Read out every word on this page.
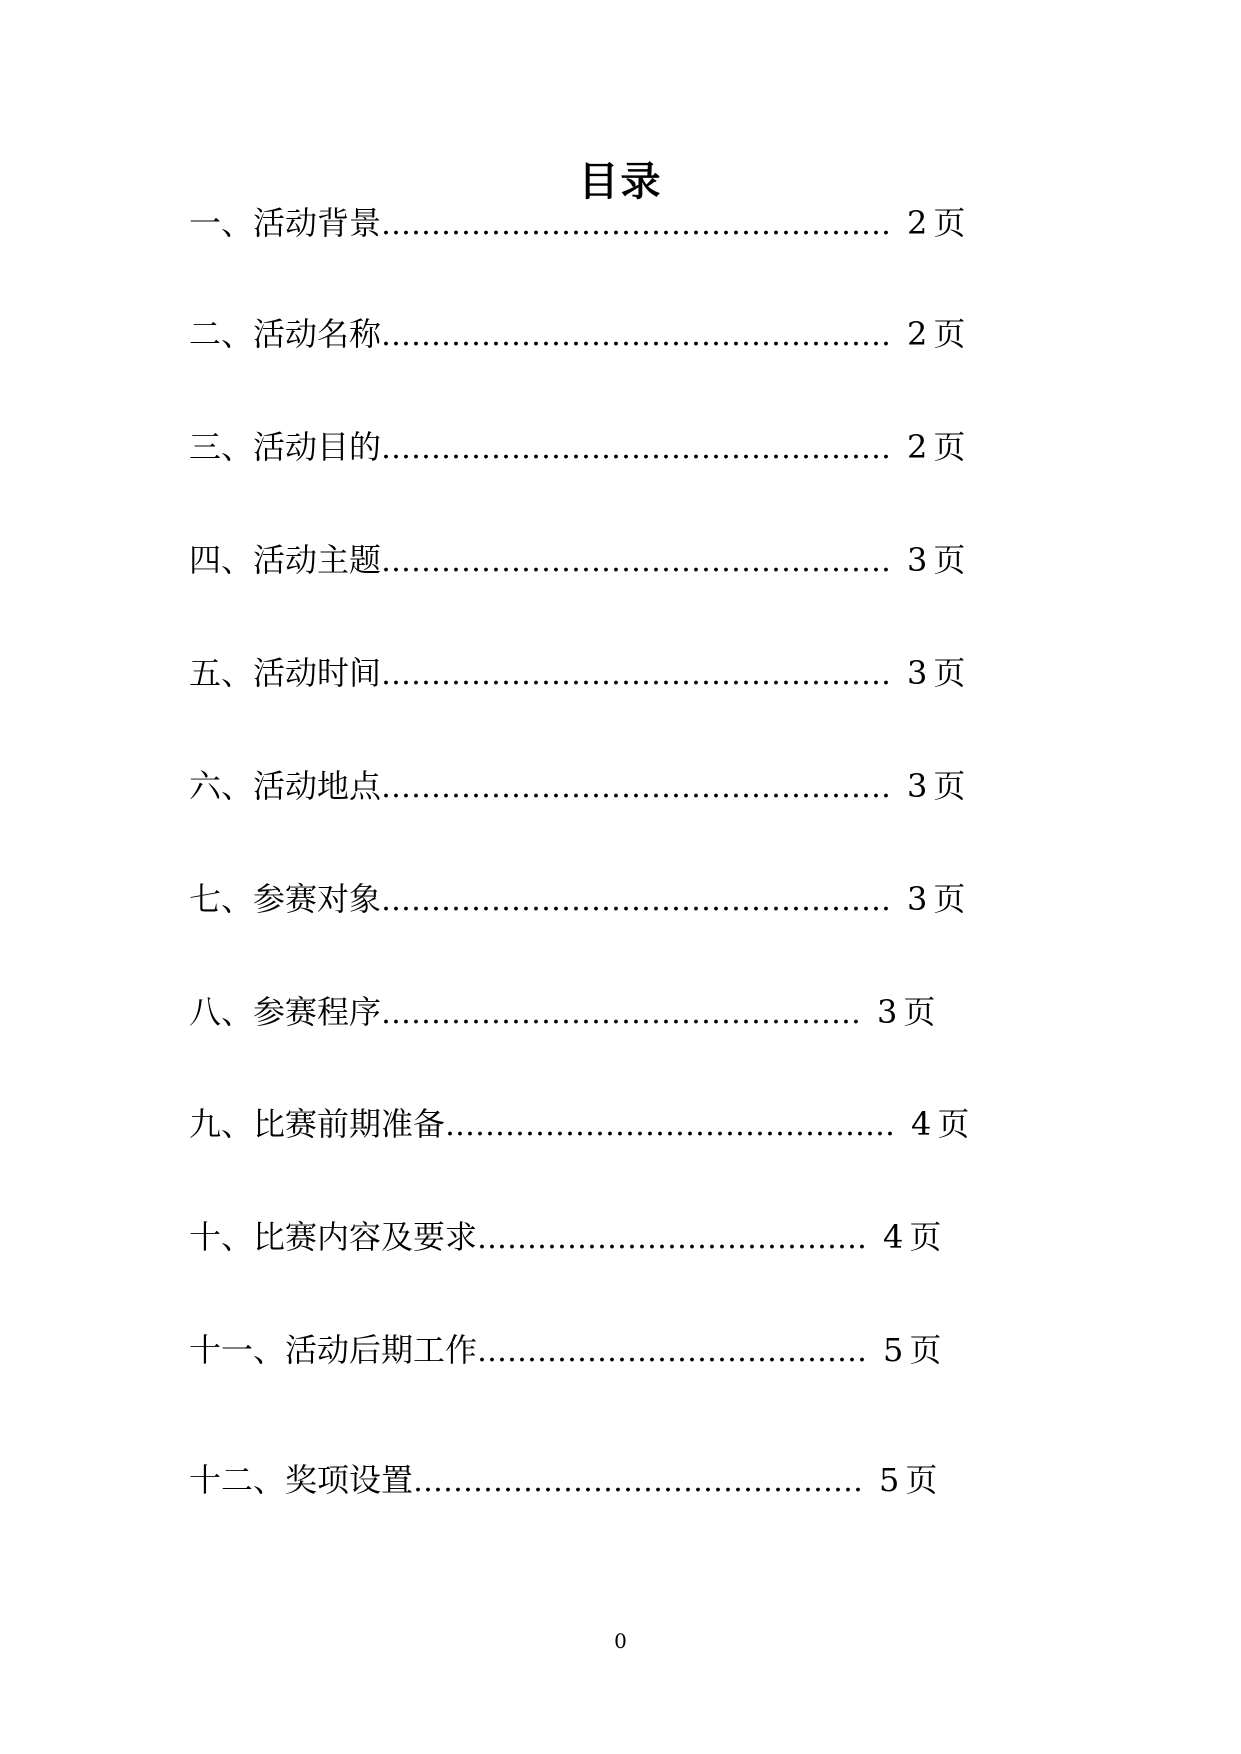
目录
一、活动背景 …………………………………………… 2 页
二、活动名称 …………………………………………… 2 页
三、活动目的 …………………………………………… 2 页
四、活动主题 …………………………………………… 3 页
五、活动时间 …………………………………………… 3 页
六、活动地点 …………………………………………… 3 页
七、参赛对象 …………………………………………… 3 页
八、参赛程序 ………………………………………… 3 页
九、比赛前期准备 ……………………………………… 4 页
十、比赛内容及要求 ………………………………… 4 页
十一、活动后期工作 ………………………………… 5 页
十二、奖项设置 ……………………………………… 5 页
0
